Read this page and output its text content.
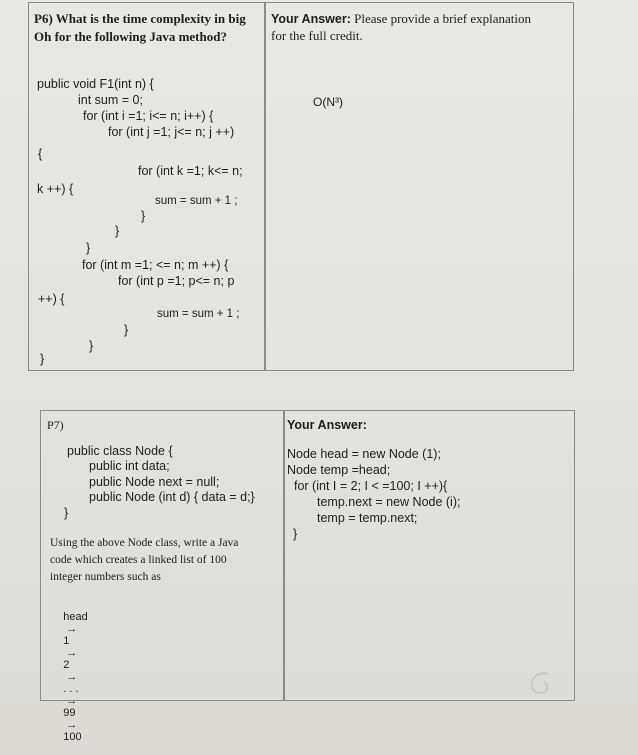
P6) What is the time complexity in big
Oh for the following Java method?
Your Answer: Please provide a brief explanation
for the full credit.
O(N³)
public void F1(int n) {
int sum = 0;
for (int i =1; i<= n; i++) {
for (int j =1; j<= n; j ++)
{
for (int k =1; k<= n;
k ++) {
sum = sum + 1 ;
}
}
}
for (int m =1; <= n; m ++) {
for (int p =1; p<= n; p
++) {
sum = sum + 1 ;
}
}
}
P7)
public class Node {
public int data;
public Node next = null;
public Node (int d) { data = d;}
}
Using the above Node class, write a Java
code which creates a linked list of 100
integer numbers such as

head
→
1
→
2
→
. . .
→
99
→
100

Your Answer:
Node head = new Node (1);
Node temp =head;
for (int I = 2; I < =100; I ++){
temp.next = new Node (i);
temp = temp.next;
}
